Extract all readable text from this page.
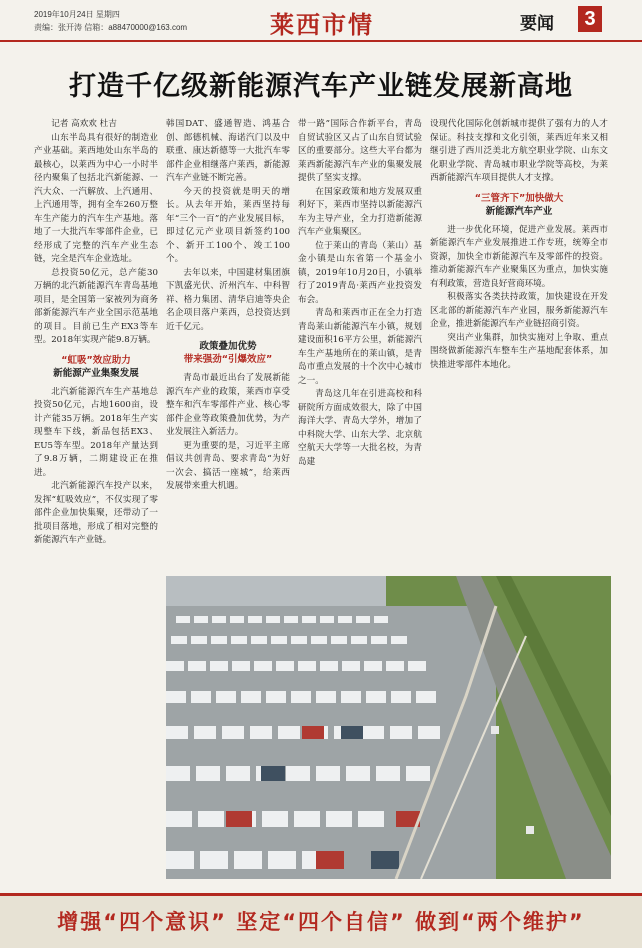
2019年10月24日 星期四
责编：张开涛 信箱：a88470000@163.com	莱西市情	要闻	3
打造千亿级新能源汽车产业链发展新高地

记者 高欢欢 杜吉

山东半岛具有很好的制造业产业基础。莱西地处山东半岛的最核心，以莱西为中心一小时半径内聚集了包括北汽新能源、一汽大众、一汽解放、上汽通用、上汽通用等，拥有全车260万整车生产能力的汽车生产基地。落地了一大批汽车零部件企业，已经形成了完整的汽车产业生态链，完全是汽车企业选址。

总投资50亿元，总产能30万辆的北汽新能源汽车青岛基地项目，是全国第一家被列为商务部新能源汽车产业全国示范基地的项目。目前已生产EX3等车型。2018年实现产能9.8万辆。

“虹吸”效应助力
新能源产业集聚发展

北汽新能源汽车生产基地总投资50亿元，占地1600亩，设计产能35万辆。2018年生产实现整车下线，新品包括EX3、EU5等车型。2018年产量达到了9.8万辆，二期建设正在推进。

北汽新能源汽车投产以来，发挥“虹吸效应”，不仅实现了零部件企业加快集聚，还带动了一批项目落地，形成了相对完整的新能源汽车产业链。

韩国DAT、盛通智造、鸿基合创、郎德机械、海诺汽门以及中联重、康达新德等一大批汽车零部件企业相继落户莱西，新能源汽车产业链不断完善。

今天的投资就是明天的增长。从去年开始，莱西坚持每年“三个一百”的产业发展目标，即过亿元产业项目新签约100个、新开工100个、竣工100个。

去年以来，中国建材集团旗下凯盛光伏、沂州汽车、中科智祥、格力集团、清华启迪等央企名企项目落户莱西，总投资达到近千亿元。

政策叠加优势
带来强劲“引爆效应”

青岛市最近出台了发展新能源汽车产业的政策，莱西市享受整车和汽车零部件产业、核心零部件企业等政策叠加优势，为产业发展注入新活力。

更为重要的是，习近平主席倡议共创青岛、要求青岛“为好一次会、搞活一座城”，给莱西发展带来重大机遇。

带一路”国际合作新平台，青岛自贸试验区又占了山东自贸试验区的重要部分。这些大平台都为莱西新能源汽车产业的集聚发展提供了坚实支撑。

在国家政策和地方发展双重利好下，莱西市坚持以新能源汽车为主导产业，全力打造新能源汽车产业集聚区。

位于莱山的青岛（莱山）基金小镇是山东省第一个基金小镇，2019年10月20日，小镇举行了2019青岛·莱西产业投资发布会。

青岛和莱西市正在全力打造青岛莱山新能源汽车小镇，规划建设面积16平方公里，新能源汽车生产基地所在的莱山镇，是青岛市重点发展的十个次中心城市之一。

青岛这几年在引进高校和科研院所方面成效很大，除了中国海洋大学、青岛大学外，增加了中科院大学、山东大学、北京航空航天大学等一大批名校，为青岛建

设现代化国际化创新城市提供了强有力的人才保证。科技支撑和文化引领，莱西近年来又相继引进了西川泛美北方航空职业学院、山东文化职业学院、青岛城市职业学院等高校，为莱西新能源汽车项目提供人才支撑。

“三管齐下”加快做大
新能源汽车产业

进一步优化环境，促进产业发展。莱西市新能源汽车产业发展推进工作专班，统筹全市资源，加快全市新能源汽车及零部件的投资。推动新能源汽车产业聚集区为重点，加快实施有利政策，营造良好营商环境。

积极落实各类扶持政策，加快建设在开发区北部的新能源汽车产业园，服务新能源汽车企业，推进新能源汽车产业链招商引资。

突出产业集群，加快实施对上争取、重点围绕做新能源汽车整车生产基地配套体系，加快推进零部件本地化。

增强“四个意识” 坚定“四个自信” 做到“两个维护”
